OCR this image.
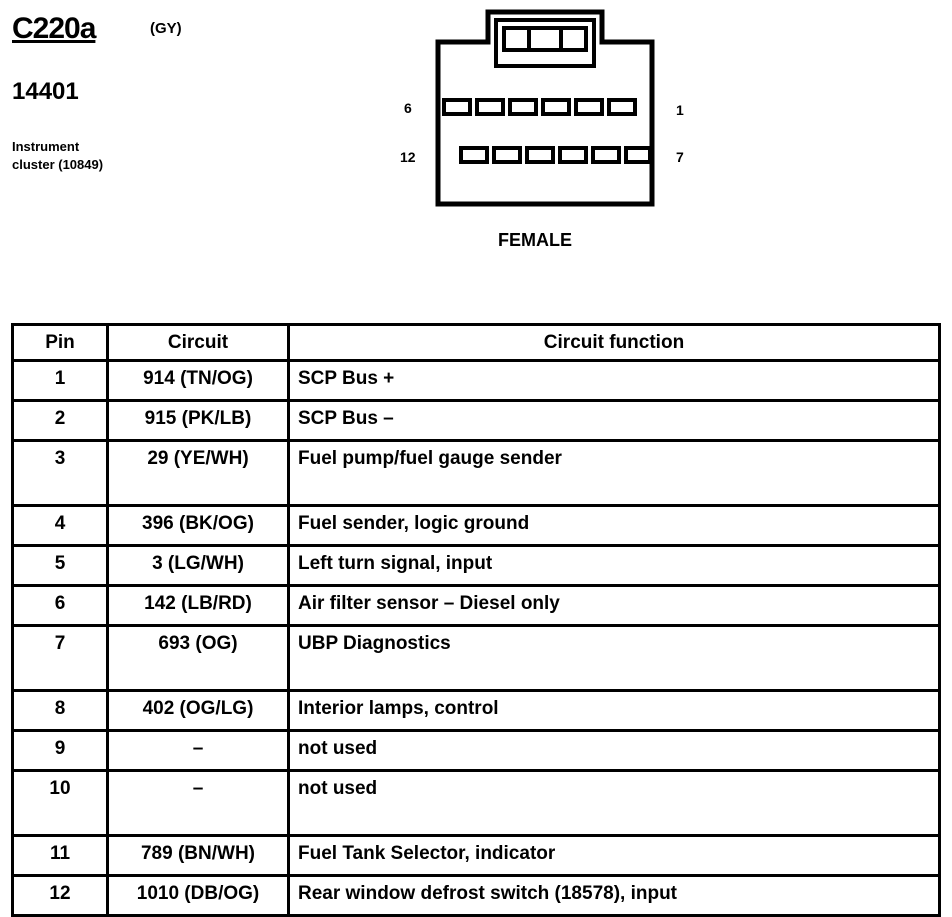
C220a	(GY)
14401
Instrument
cluster (10849)
6	1
12	7
FEMALE
Pin	Circuit	Circuit function
1	914 (TN/OG)	SCP Bus +
2	915 (PK/LB)	SCP Bus –
3	29 (YE/WH)	Fuel pump/fuel gauge sender
4	396 (BK/OG)	Fuel sender, logic ground
5	3 (LG/WH)	Left turn signal, input
6	142 (LB/RD)	Air filter sensor – Diesel only
7	693 (OG)	UBP Diagnostics
8	402 (OG/LG)	Interior lamps, control
9	–	not used
10	–	not used
11	789 (BN/WH)	Fuel Tank Selector, indicator
12	1010 (DB/OG)	Rear window defrost switch (18578), input
